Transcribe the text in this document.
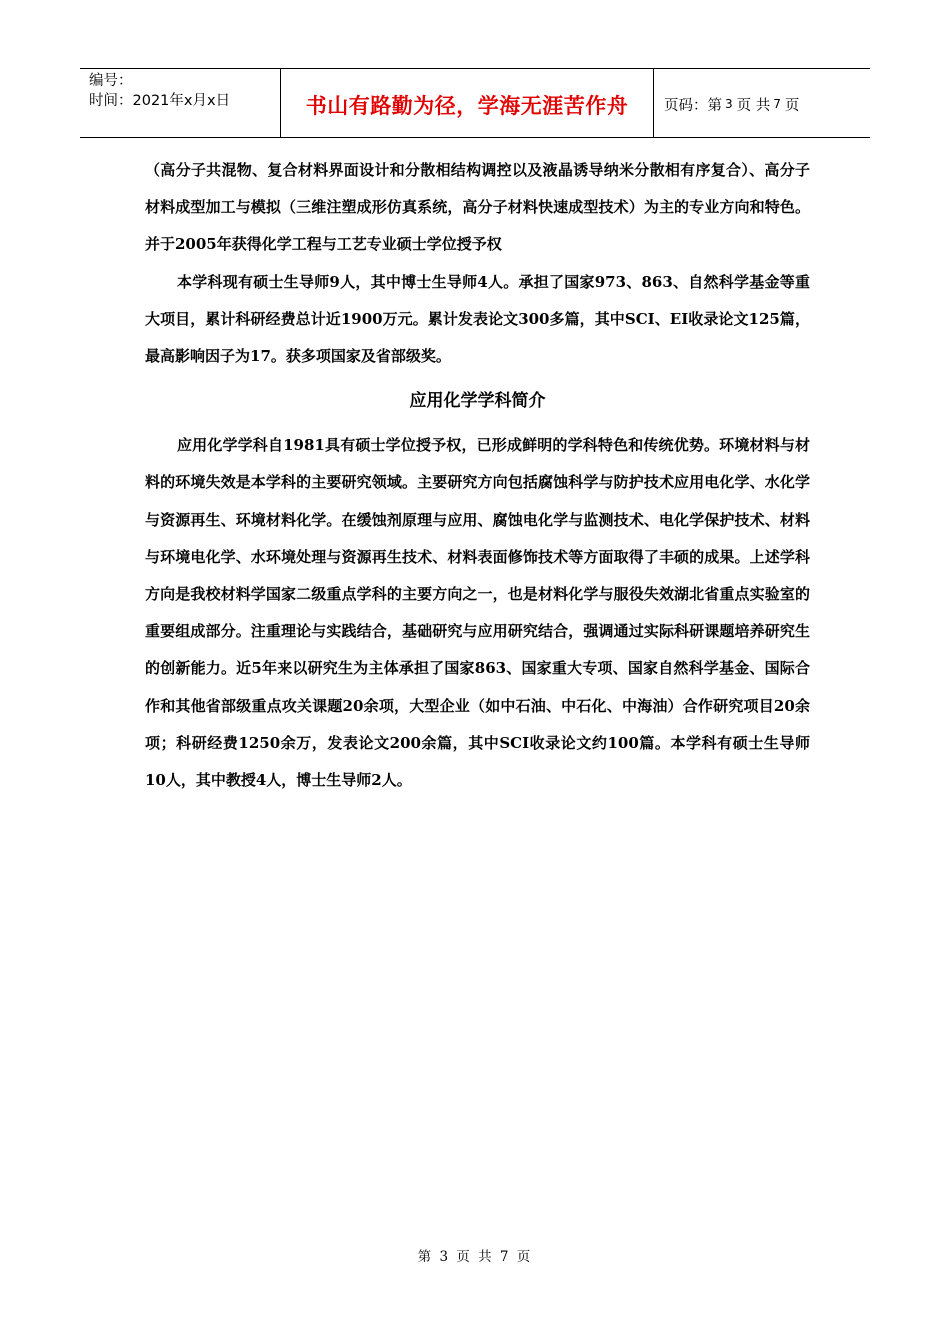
编号：
时间：2021年x月x日	书山有路勤为径，学海无涯苦作舟	页码：第 3 页 共 7 页

（高分子共混物、复合材料界面设计和分散相结构调控以及液晶诱导纳米分散相有序复合）、高分子材料成型加工与模拟（三维注塑成形仿真系统，高分子材料快速成型技术）为主的专业方向和特色。并于2005年获得化学工程与工艺专业硕士学位授予权

本学科现有硕士生导师9人，其中博士生导师4人。承担了国家973、863、自然科学基金等重大项目，累计科研经费总计近1900万元。累计发表论文300多篇，其中SCI、EI收录论文125篇，最高影响因子为17。获多项国家及省部级奖。

应用化学学科简介

应用化学学科自1981具有硕士学位授予权，已形成鲜明的学科特色和传统优势。环境材料与材料的环境失效是本学科的主要研究领域。主要研究方向包括腐蚀科学与防护技术应用电化学、水化学与资源再生、环境材料化学。在缓蚀剂原理与应用、腐蚀电化学与监测技术、电化学保护技术、材料与环境电化学、水环境处理与资源再生技术、材料表面修饰技术等方面取得了丰硕的成果。上述学科方向是我校材料学国家二级重点学科的主要方向之一，也是材料化学与服役失效湖北省重点实验室的重要组成部分。注重理论与实践结合，基础研究与应用研究结合，强调通过实际科研课题培养研究生的创新能力。近5年来以研究生为主体承担了国家863、国家重大专项、国家自然科学基金、国际合作和其他省部级重点攻关课题20余项，大型企业（如中石油、中石化、中海油）合作研究项目20余项；科研经费1250余万，发表论文200余篇，其中SCI收录论文约100篇。本学科有硕士生导师10人，其中教授4人，博士生导师2人。

第 3 页 共 7 页
